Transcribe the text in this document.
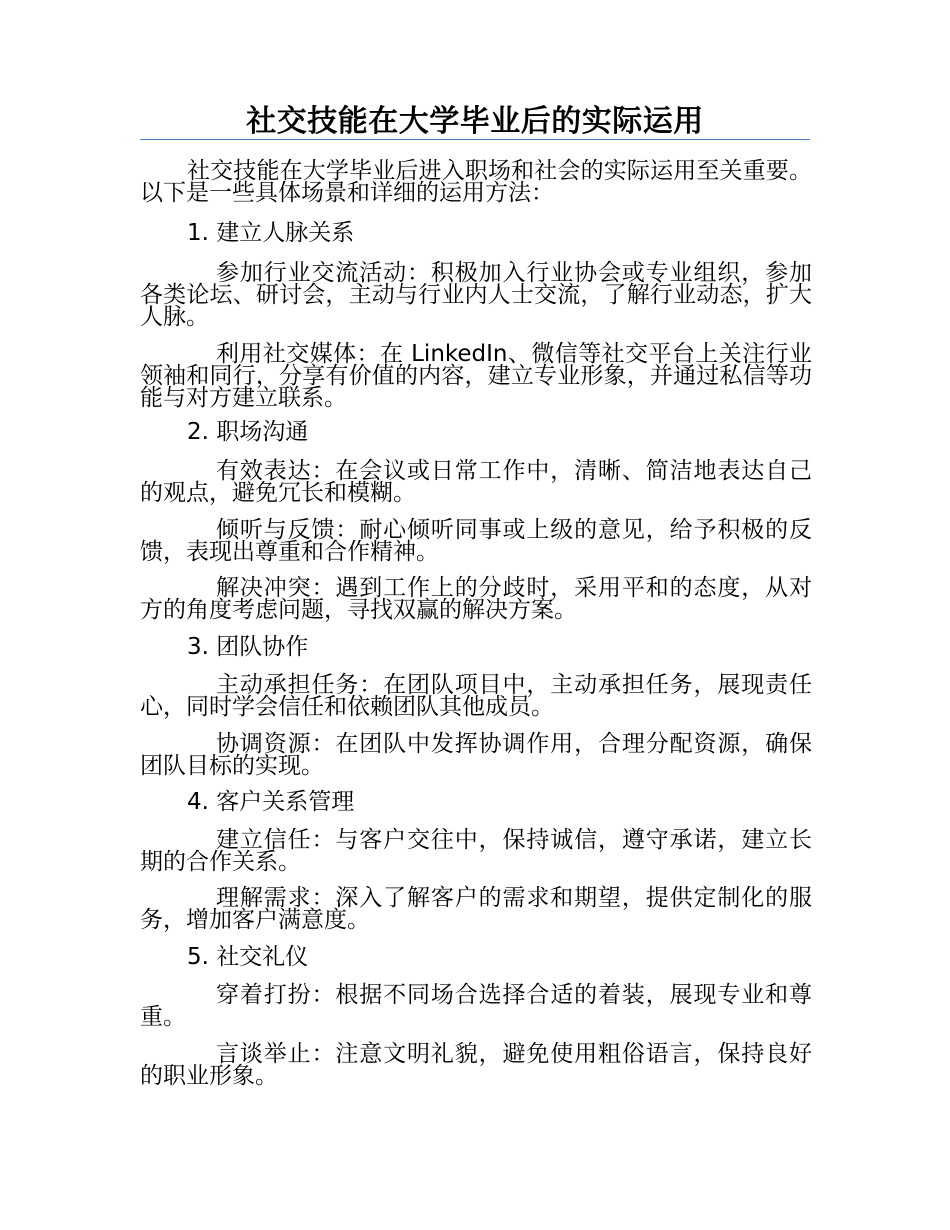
社交技能在大学毕业后的实际运用

社交技能在大学毕业后进入职场和社会的实际运用至关重要。以下是一些具体场景和详细的运用方法：

1. 建立人脉关系

参加行业交流活动：积极加入行业协会或专业组织，参加各类论坛、研讨会，主动与行业内人士交流，了解行业动态，扩大人脉。

利用社交媒体：在 LinkedIn、微信等社交平台上关注行业领袖和同行，分享有价值的内容，建立专业形象，并通过私信等功能与对方建立联系。

2. 职场沟通

有效表达：在会议或日常工作中，清晰、简洁地表达自己的观点，避免冗长和模糊。

倾听与反馈：耐心倾听同事或上级的意见，给予积极的反馈，表现出尊重和合作精神。

解决冲突：遇到工作上的分歧时，采用平和的态度，从对方的角度考虑问题，寻找双赢的解决方案。

3. 团队协作

主动承担任务：在团队项目中，主动承担任务，展现责任心，同时学会信任和依赖团队其他成员。

协调资源：在团队中发挥协调作用，合理分配资源，确保团队目标的实现。

4. 客户关系管理

建立信任：与客户交往中，保持诚信，遵守承诺，建立长期的合作关系。

理解需求：深入了解客户的需求和期望，提供定制化的服务，增加客户满意度。

5. 社交礼仪

穿着打扮：根据不同场合选择合适的着装，展现专业和尊重。

言谈举止：注意文明礼貌，避免使用粗俗语言，保持良好的职业形象。
